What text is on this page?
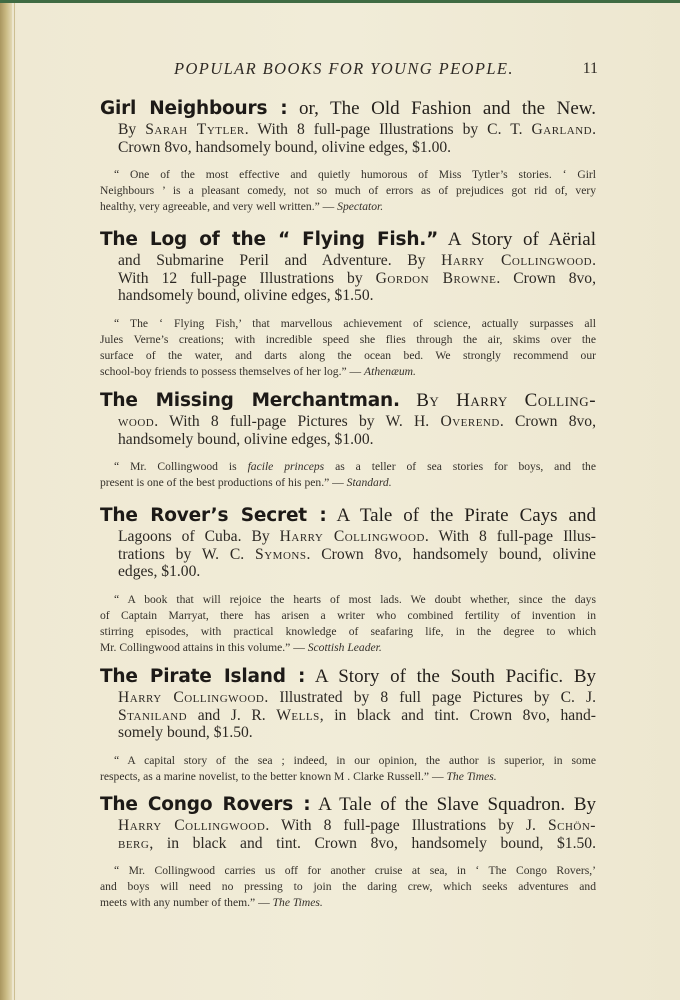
POPULAR BOOKS FOR YOUNG PEOPLE.	11
Girl Neighbours : or, The Old Fashion and the New.
By Sarah Tytler. With 8 full-page Illustrations by C. T. Garland.
Crown 8vo, handsomely bound, olivine edges, $1.00.
“ One of the most effective and quietly humorous of Miss Tytler’s stories. ‘ Girl
Neighbours ’ is a pleasant comedy, not so much of errors as of prejudices got rid of, very
healthy, very agreeable, and very well written.” — Spectator.
The Log of the “ Flying Fish.” A Story of Aërial
and Submarine Peril and Adventure. By Harry Collingwood.
With 12 full-page Illustrations by Gordon Browne. Crown 8vo,
handsomely bound, olivine edges, $1.50.
“ The ‘ Flying Fish,’ that marvellous achievement of science, actually surpasses all
Jules Verne’s creations; with incredible speed she flies through the air, skims over the
surface of the water, and darts along the ocean bed. We strongly recommend our
school-boy friends to possess themselves of her log.” — Athenæum.
The Missing Merchantman. By Harry Colling-
wood. With 8 full-page Pictures by W. H. Overend. Crown 8vo,
handsomely bound, olivine edges, $1.00.
“ Mr. Collingwood is facile princeps as a teller of sea stories for boys, and the
present is one of the best productions of his pen.” — Standard.
The Rover’s Secret : A Tale of the Pirate Cays and
Lagoons of Cuba. By Harry Collingwood. With 8 full-page Illus-
trations by W. C. Symons. Crown 8vo, handsomely bound, olivine
edges, $1.00.
“ A book that will rejoice the hearts of most lads. We doubt whether, since the days
of Captain Marryat, there has arisen a writer who combined fertility of invention in
stirring episodes, with practical knowledge of seafaring life, in the degree to which
Mr. Collingwood attains in this volume.” — Scottish Leader.
The Pirate Island : A Story of the South Pacific. By
Harry Collingwood. Illustrated by 8 full page Pictures by C. J.
Staniland and J. R. Wells, in black and tint. Crown 8vo, hand-
somely bound, $1.50.
“ A capital story of the sea ; indeed, in our opinion, the author is superior, in some
respects, as a marine novelist, to the better known M . Clarke Russell.” — The Times.
The Congo Rovers : A Tale of the Slave Squadron. By
Harry Collingwood. With 8 full-page Illustrations by J. Schön-
berg, in black and tint. Crown 8vo, handsomely bound, $1.50.
“ Mr. Collingwood carries us off for another cruise at sea, in ‘ The Congo Rovers,’
and boys will need no pressing to join the daring crew, which seeks adventures and
meets with any number of them.” — The Times.
